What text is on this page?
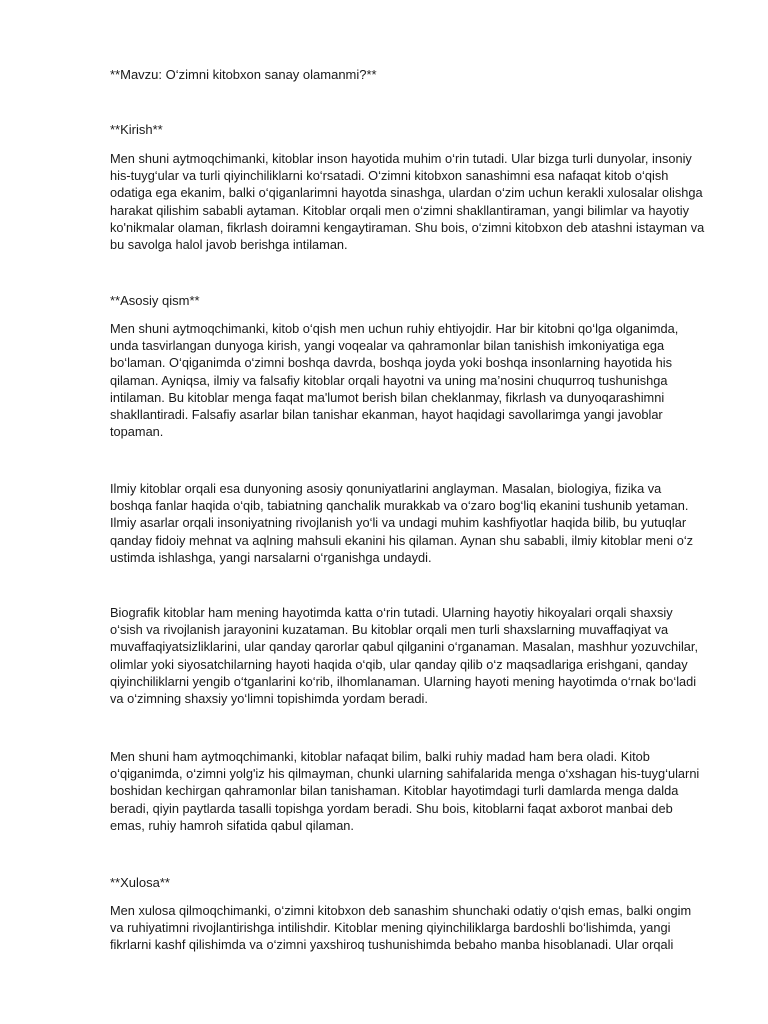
**Mavzu: O‘zimni kitobxon sanay olamanmi?**
**Kirish**

Men shuni aytmoqchimanki, kitoblar inson hayotida muhim o‘rin tutadi. Ular bizga turli dunyolar, insoniy his-tuyg‘ular va turli qiyinchiliklarni ko‘rsatadi. O‘zimni kitobxon sanashimni esa nafaqat kitob o‘qish odatiga ega ekanim, balki o‘qiganlarimni hayotda sinashga, ulardan o‘zim uchun kerakli xulosalar olishga harakat qilishim sababli aytaman. Kitoblar orqali men o‘zimni shakllantiraman, yangi bilimlar va hayotiy ko'nikmalar olaman, fikrlash doiramni kengaytiraman. Shu bois, o‘zimni kitobxon deb atashni istayman va bu savolga halol javob berishga intilaman.

**Asosiy qism**

Men shuni aytmoqchimanki, kitob o‘qish men uchun ruhiy ehtiyojdir. Har bir kitobni qo‘lga olganimda, unda tasvirlangan dunyoga kirish, yangi voqealar va qahramonlar bilan tanishish imkoniyatiga ega bo‘laman. O‘qiganimda o‘zimni boshqa davrda, boshqa joyda yoki boshqa insonlarning hayotida his qilaman. Ayniqsa, ilmiy va falsafiy kitoblar orqali hayotni va uning ma’nosini chuqurroq tushunishga intilaman. Bu kitoblar menga faqat ma'lumot berish bilan cheklanmay, fikrlash va dunyoqarashimni shakllantiradi. Falsafiy asarlar bilan tanishar ekanman, hayot haqidagi savollarimga yangi javoblar topaman.

Ilmiy kitoblar orqali esa dunyoning asosiy qonuniyatlarini anglayman. Masalan, biologiya, fizika va boshqa fanlar haqida o‘qib, tabiatning qanchalik murakkab va o‘zaro bog‘liq ekanini tushunib yetaman. Ilmiy asarlar orqali insoniyatning rivojlanish yo‘li va undagi muhim kashfiyotlar haqida bilib, bu yutuqlar qanday fidoiy mehnat va aqlning mahsuli ekanini his qilaman. Aynan shu sababli, ilmiy kitoblar meni o‘z ustimda ishlashga, yangi narsalarni o‘rganishga undaydi.

Biografik kitoblar ham mening hayotimda katta o‘rin tutadi. Ularning hayotiy hikoyalari orqali shaxsiy o‘sish va rivojlanish jarayonini kuzataman. Bu kitoblar orqali men turli shaxslarning muvaffaqiyat va muvaffaqiyatsizliklarini, ular qanday qarorlar qabul qilganini o‘rganaman. Masalan, mashhur yozuvchilar, olimlar yoki siyosatchilarning hayoti haqida o‘qib, ular qanday qilib o‘z maqsadlariga erishgani, qanday qiyinchiliklarni yengib o‘tganlarini ko‘rib, ilhomlanaman. Ularning hayoti mening hayotimda o‘rnak bo‘ladi va o‘zimning shaxsiy yo‘limni topishimda yordam beradi.

Men shuni ham aytmoqchimanki, kitoblar nafaqat bilim, balki ruhiy madad ham bera oladi. Kitob o‘qiganimda, o‘zimni yolg'iz his qilmayman, chunki ularning sahifalarida menga o‘xshagan his-tuyg‘ularni boshidan kechirgan qahramonlar bilan tanishaman. Kitoblar hayotimdagi turli damlarda menga dalda beradi, qiyin paytlarda tasalli topishga yordam beradi. Shu bois, kitoblarni faqat axborot manbai deb emas, ruhiy hamroh sifatida qabul qilaman.

**Xulosa**

Men xulosa qilmoqchimanki, o‘zimni kitobxon deb sanashim shunchaki odatiy o‘qish emas, balki ongim va ruhiyatimni rivojlantirishga intilishdir. Kitoblar mening qiyinchiliklarga bardoshli bo‘lishimda, yangi fikrlarni kashf qilishimda va o‘zimni yaxshiroq tushunishimda bebaho manba hisoblanadi. Ular orqali
